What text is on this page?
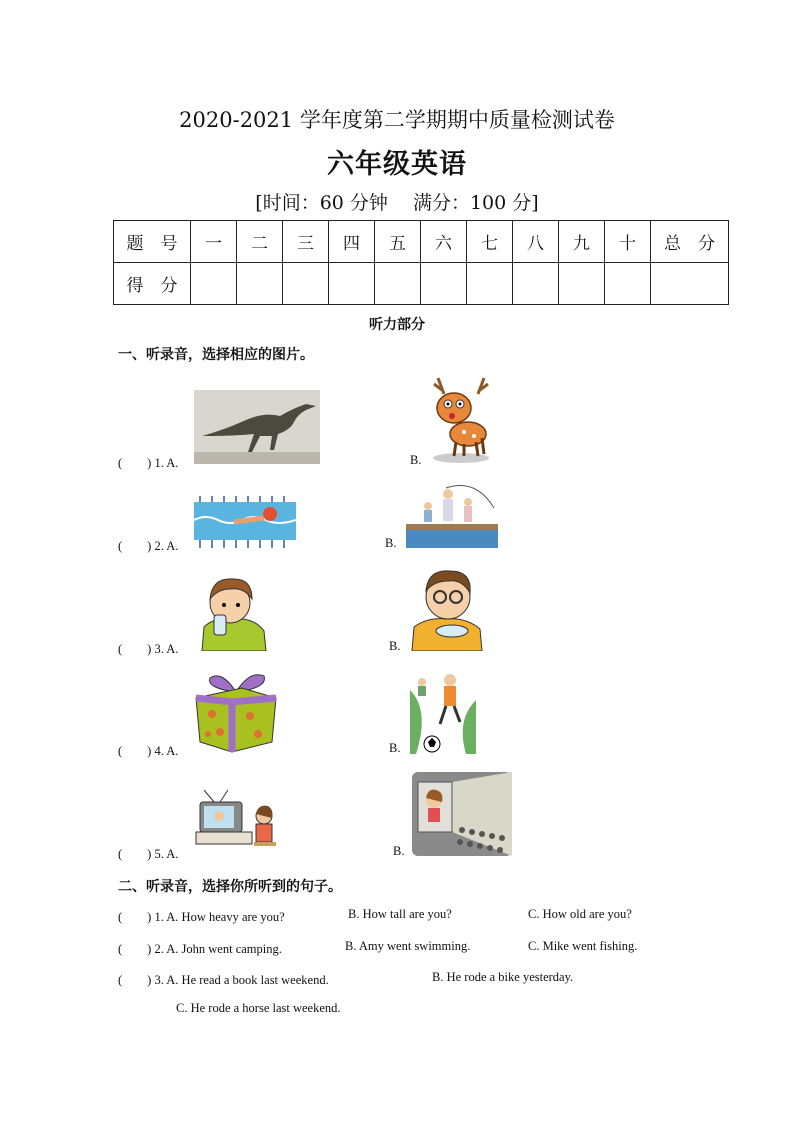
2020-2021 学年度第二学期期中质量检测试卷
六年级英语
[时间：60 分钟　 满分：100 分]
题　号	一	二	三	四	五	六	七	八	九	十	总　分
得　分											
听力部分
一、听录音，选择相应的图片。
(　　) 1. A.	B.
(　　) 2. A.	B.
(　　) 3. A.	B.
(　　) 4. A.	B.
(　　) 5. A.	B.
二、听录音，选择你所听到的句子。
(　　) 1. A. How heavy are you?	B. How tall are you?	C. How old are you?
(　　) 2. A. John went camping.	B. Amy went swimming.	C. Mike went fishing.
(　　) 3. A. He read a book last weekend.	B. He rode a bike yesterday.
C. He rode a horse last weekend.
